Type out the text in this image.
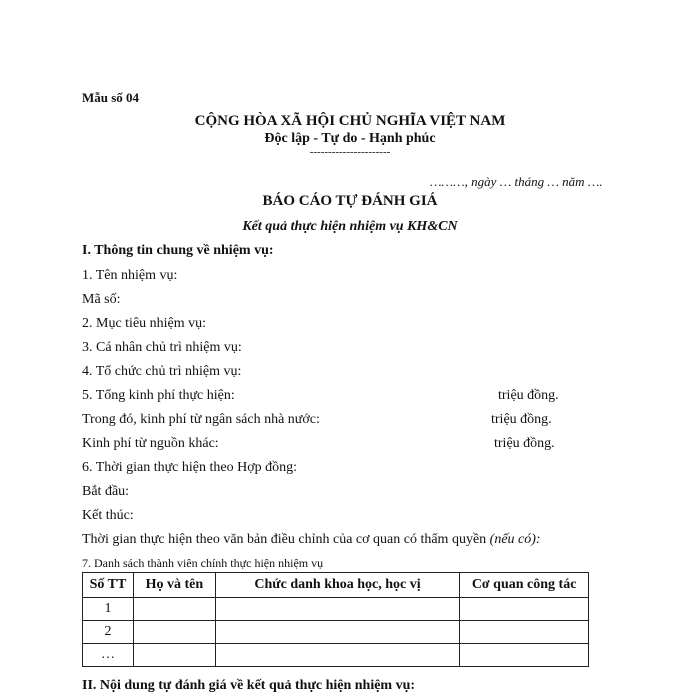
Mẫu số 04
CỘNG HÒA XÃ HỘI CHỦ NGHĨA VIỆT NAM
Độc lập - Tự do - Hạnh phúc
----------------------
………, ngày … tháng … năm ….
BÁO CÁO TỰ ĐÁNH GIÁ
Kết quả thực hiện nhiệm vụ KH&CN
I. Thông tin chung về nhiệm vụ:
1. Tên nhiệm vụ:
Mã số:
2. Mục tiêu nhiệm vụ:
3. Cá nhân chủ trì nhiệm vụ:
4. Tổ chức chủ trì nhiệm vụ:
5. Tổng kinh phí thực hiện:	triệu đồng.
Trong đó, kinh phí từ ngân sách nhà nước:	triệu đồng.
Kinh phí từ nguồn khác:	triệu đồng.
6. Thời gian thực hiện theo Hợp đồng:
Bắt đầu:
Kết thúc:
Thời gian thực hiện theo văn bản điều chỉnh của cơ quan có thẩm quyền (nếu có):
7. Danh sách thành viên chính thực hiện nhiệm vụ
Số TT	Họ và tên	Chức danh khoa học, học vị	Cơ quan công tác
1			
2			
…			
II. Nội dung tự đánh giá về kết quả thực hiện nhiệm vụ:
